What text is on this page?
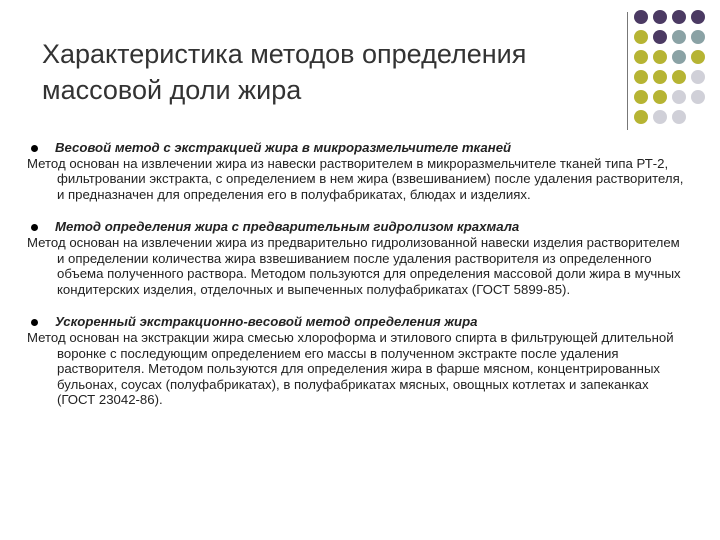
Характеристика методов определения массовой доли жира
Весовой метод с экстракцией жира в микроразмельчителе тканей

Метод основан на извлечении жира из навески растворителем в микроразмельчителе тканей типа РТ-2, фильтровании экстракта, с определением в нем жира (взвешиванием) после удаления растворителя, и предназначен для определения его в полуфабрикатах, блюдах и изделиях.

Метод определения жира с предварительным гидролизом крахмала

Метод основан на извлечении жира из предварительно гидролизованной навески изделия растворителем и определении количества жира взвешиванием после удаления растворителя из определенного объема полученного раствора. Методом пользуются для определения массовой доли жира в мучных кондитерских изделия, отделочных и выпеченных полуфабрикатах (ГОСТ 5899-85).

Ускоренный экстракционно-весовой метод определения жира

Метод основан на экстракции жира смесью хлороформа и этилового спирта в фильтрующей длительной воронке с последующим определением его массы в полученном экстракте после удаления растворителя. Методом пользуются для определения жира в фарше мясном, концентрированных бульонах, соусах (полуфабрикатах), в полуфабрикатах мясных, овощных котлетах и запеканках (ГОСТ 23042-86).
